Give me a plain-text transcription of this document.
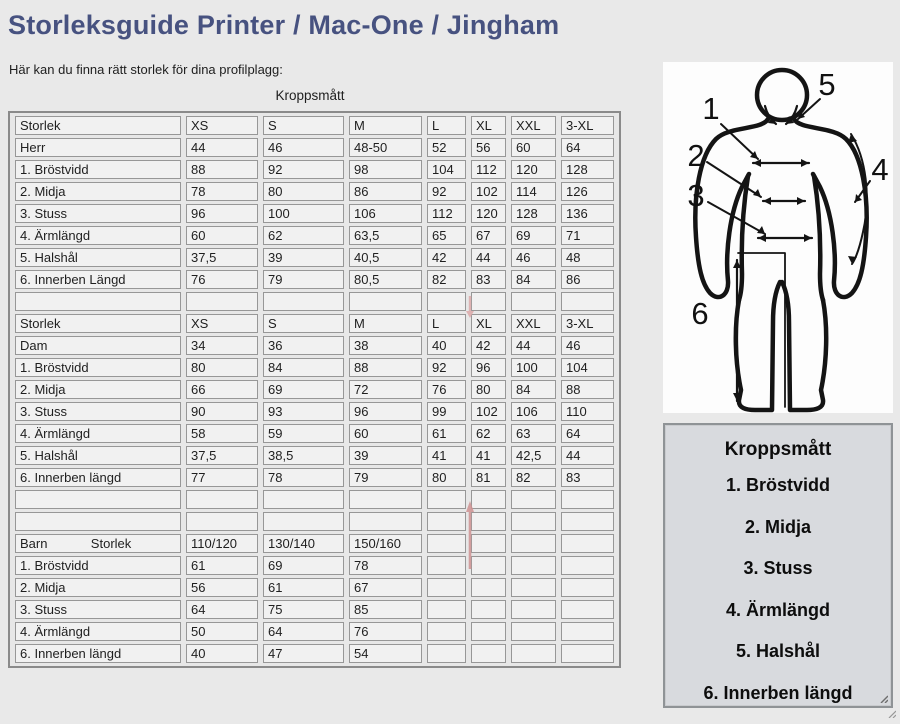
Storleksguide Printer / Mac-One / Jingham
Här kan du finna rätt storlek för dina profilplagg:
Kroppsmått
Storlek	XS	S	M	L	XL	XXL	3-XL
Herr	44	46	48-50	52	56	60	64
1. Bröstvidd	88	92	98	104	112	120	128
2. Midja	78	80	86	92	102	114	126
3. Stuss	96	100	106	112	120	128	136
4. Ärmlängd	60	62	63,5	65	67	69	71
5. Halshål	37,5	39	40,5	42	44	46	48
6. Innerben Längd	76	79	80,5	82	83	84	86

Storlek	XS	S	M	L	XL	XXL	3-XL
Dam	34	36	38	40	42	44	46
1. Bröstvidd	80	84	88	92	96	100	104
2. Midja	66	69	72	76	80	84	88
3. Stuss	90	93	96	99	102	106	110
4. Ärmlängd	58	59	60	61	62	63	64
5. Halshål	37,5	38,5	39	41	41	42,5	44
6. Innerben längd	77	78	79	80	81	82	83

Barn            Storlek	110/120	130/140	150/160				
1. Bröstvidd	61	69	78				
2. Midja	56	61	67				
3. Stuss	64	75	85				
4. Ärmlängd	50	64	76				
6. Innerben längd	40	47	54				
1
2
3
4
5
6
Kroppsmått
1. Bröstvidd
2. Midja
3. Stuss
4. Ärmlängd
5. Halshål
6. Innerben längd
